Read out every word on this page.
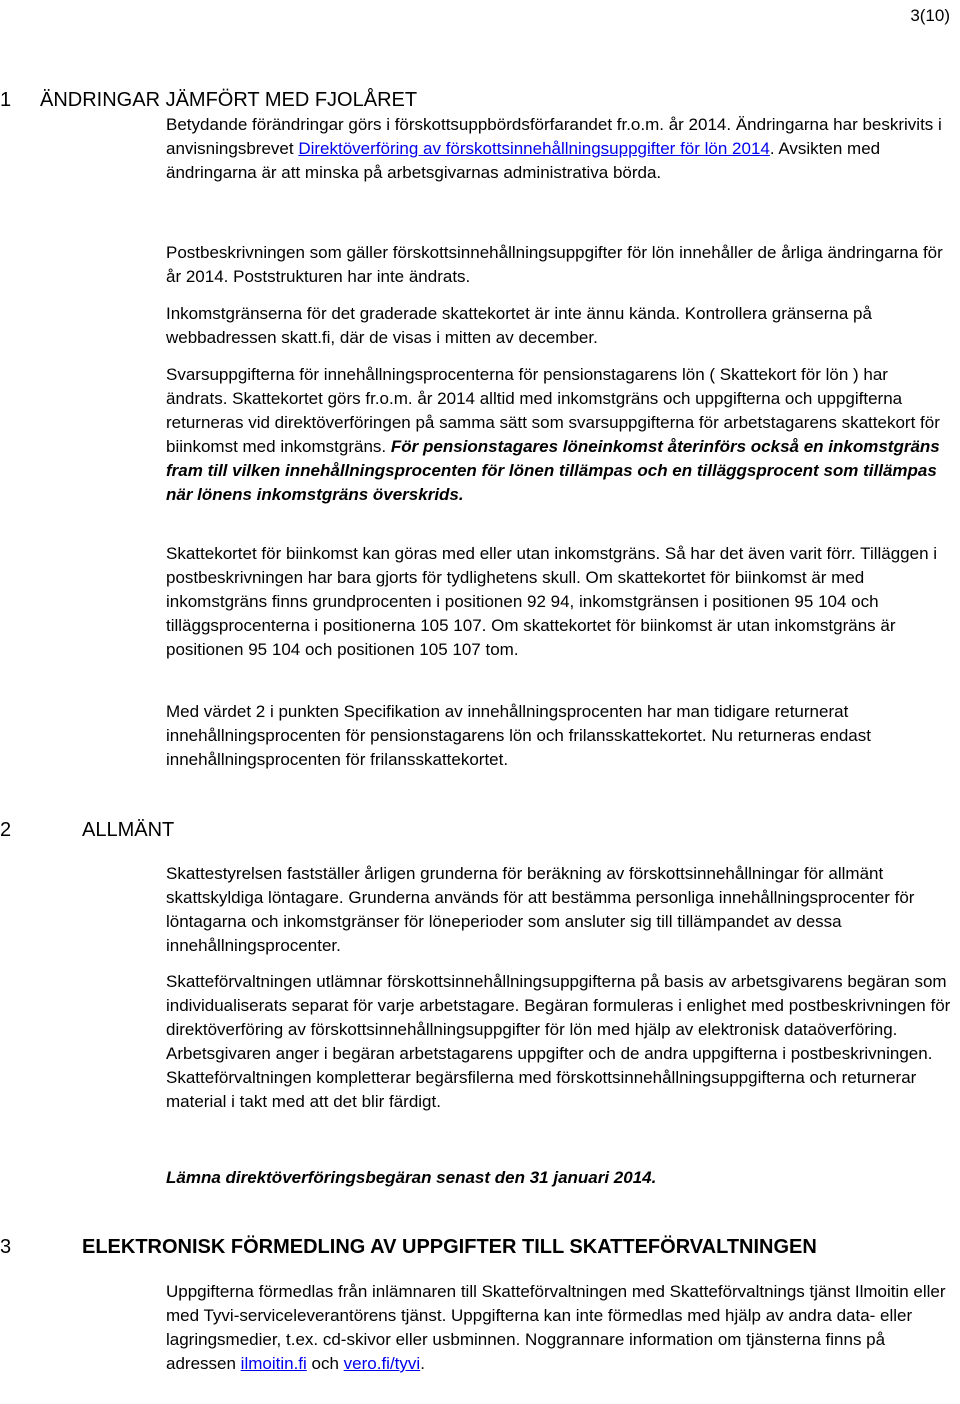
3(10)
1 ÄNDRINGAR JÄMFÖRT MED FJOLÅRET

Betydande förändringar görs i förskottsuppbördsförfarandet fr.o.m. år 2014. Ändringarna har beskrivits i anvisningsbrevet Direktöverföring av förskottsinnehållningsuppgifter för lön 2014. Avsikten med ändringarna är att minska på arbetsgivarnas administrativa börda.

Postbeskrivningen som gäller förskottsinnehållningsuppgifter för lön innehåller de årliga ändringarna för år 2014. Poststrukturen har inte ändrats.

Inkomstgränserna för det graderade skattekortet är inte ännu kända. Kontrollera gränserna på webbadressen skatt.fi, där de visas i mitten av december.

Svarsuppgifterna för innehållningsprocenterna för pensionstagarens lön ( Skattekort för lön ) har ändrats. Skattekortet görs fr.o.m. år 2014 alltid med inkomstgräns och uppgifterna och uppgifterna returneras vid direktöverföringen på samma sätt som svarsuppgifterna för arbetstagarens skattekort för biinkomst med inkomstgräns. För pensionstagares löneinkomst återinförs också en inkomstgräns fram till vilken innehållningsprocenten för lönen tillämpas och en tilläggsprocent som tillämpas när lönens inkomstgräns överskrids.

Skattekortet för biinkomst kan göras med eller utan inkomstgräns. Så har det även varit förr. Tilläggen i postbeskrivningen har bara gjorts för tydlighetens skull. Om skattekortet för biinkomst är med inkomstgräns finns grundprocenten i positionen 92 94, inkomstgränsen i positionen 95 104 och tilläggsprocenterna i positionerna 105 107. Om skattekortet för biinkomst är utan inkomstgräns är positionen 95 104 och positionen 105 107 tom.

Med värdet 2 i punkten Specifikation av innehållningsprocenten har man tidigare returnerat innehållningsprocenten för pensionstagarens lön och frilansskattekortet. Nu returneras endast innehållningsprocenten för frilansskattekortet.

2	ALLMÄNT

Skattestyrelsen fastställer årligen grunderna för beräkning av förskottsinnehållningar för allmänt skattskyldiga löntagare. Grunderna används för att bestämma personliga innehållningsprocenter för löntagarna och inkomstgränser för löneperioder som ansluter sig till tillämpandet av dessa innehållningsprocenter.

Skatteförvaltningen utlämnar förskottsinnehållningsuppgifterna på basis av arbetsgivarens begäran som individualiserats separat för varje arbetstagare. Begäran formuleras i enlighet med postbeskrivningen för direktöverföring av förskottsinnehållningsuppgifter för lön med hjälp av elektronisk dataöverföring. Arbetsgivaren anger i begäran arbetstagarens uppgifter och de andra uppgifterna i postbeskrivningen. Skatteförvaltningen kompletterar begärsfilerna med förskottsinnehållningsuppgifterna och returnerar material i takt med att det blir färdigt.

Lämna direktöverföringsbegäran senast den 31 januari 2014.

3	ELEKTRONISK FÖRMEDLING AV UPPGIFTER TILL SKATTEFÖRVALTNINGEN

Uppgifterna förmedlas från inlämnaren till Skatteförvaltningen med Skatteförvaltnings tjänst Ilmoitin eller med Tyvi-serviceleverantörens tjänst. Uppgifterna kan inte förmedlas med hjälp av andra data- eller lagringsmedier, t.ex. cd-skivor eller usbminnen. Noggrannare information om tjänsterna finns på adressen ilmoitin.fi och vero.fi/tyvi.
